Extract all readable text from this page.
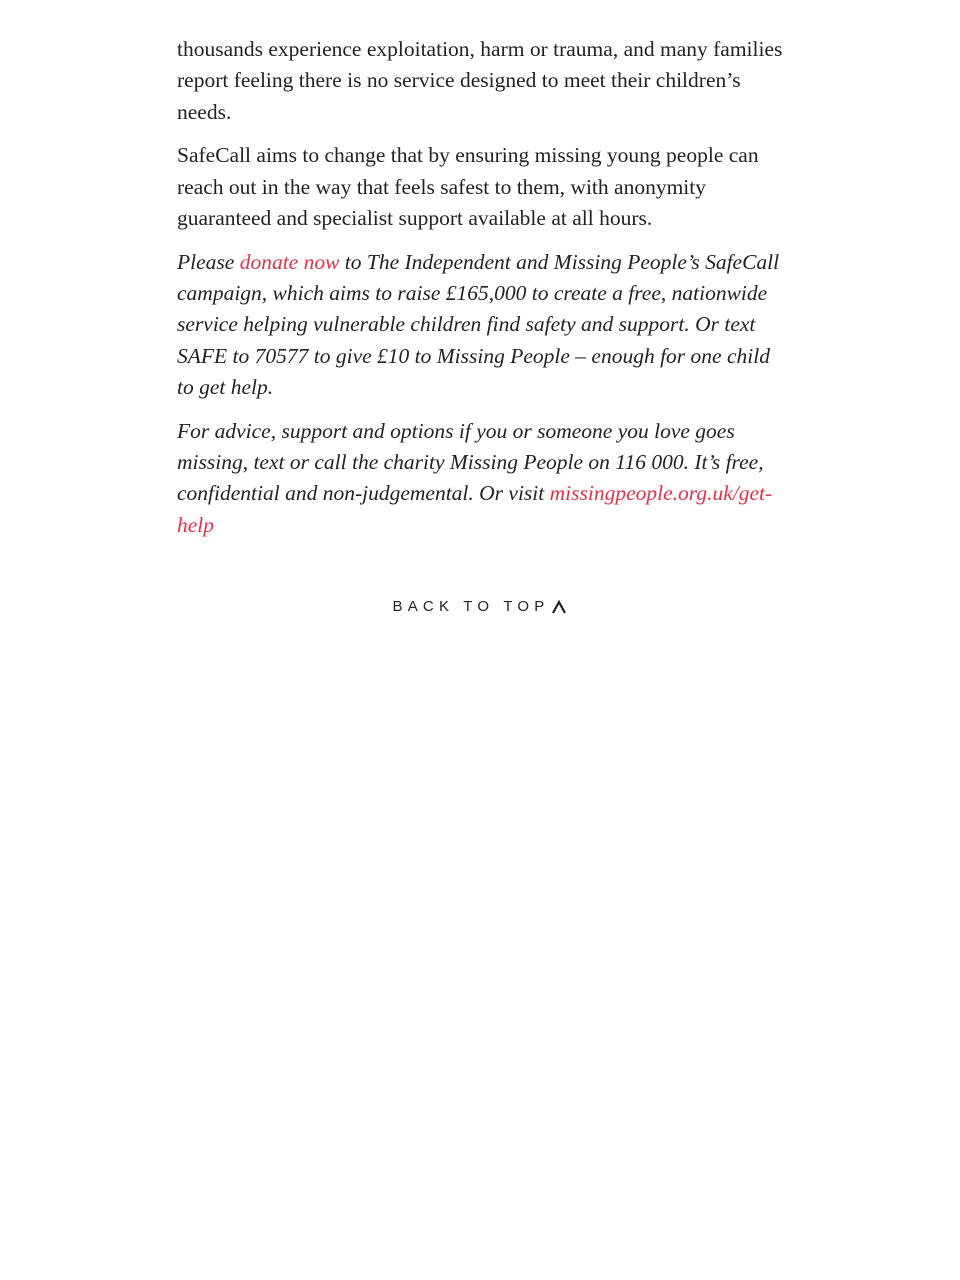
thousands experience exploitation, harm or trauma, and many families report feeling there is no service designed to meet their children’s needs.

SafeCall aims to change that by ensuring missing young people can reach out in the way that feels safest to them, with anonymity guaranteed and specialist support available at all hours.

Please donate now to The Independent and Missing People’s SafeCall campaign, which aims to raise £165,000 to create a free, nationwide service helping vulnerable children find safety and support. Or text SAFE to 70577 to give £10 to Missing People – enough for one child to get help.

For advice, support and options if you or someone you love goes missing, text or call the charity Missing People on 116 000. It’s free, confidential and non-judgemental. Or visit missingpeople.org.uk/get-help

BACK TO TOP
